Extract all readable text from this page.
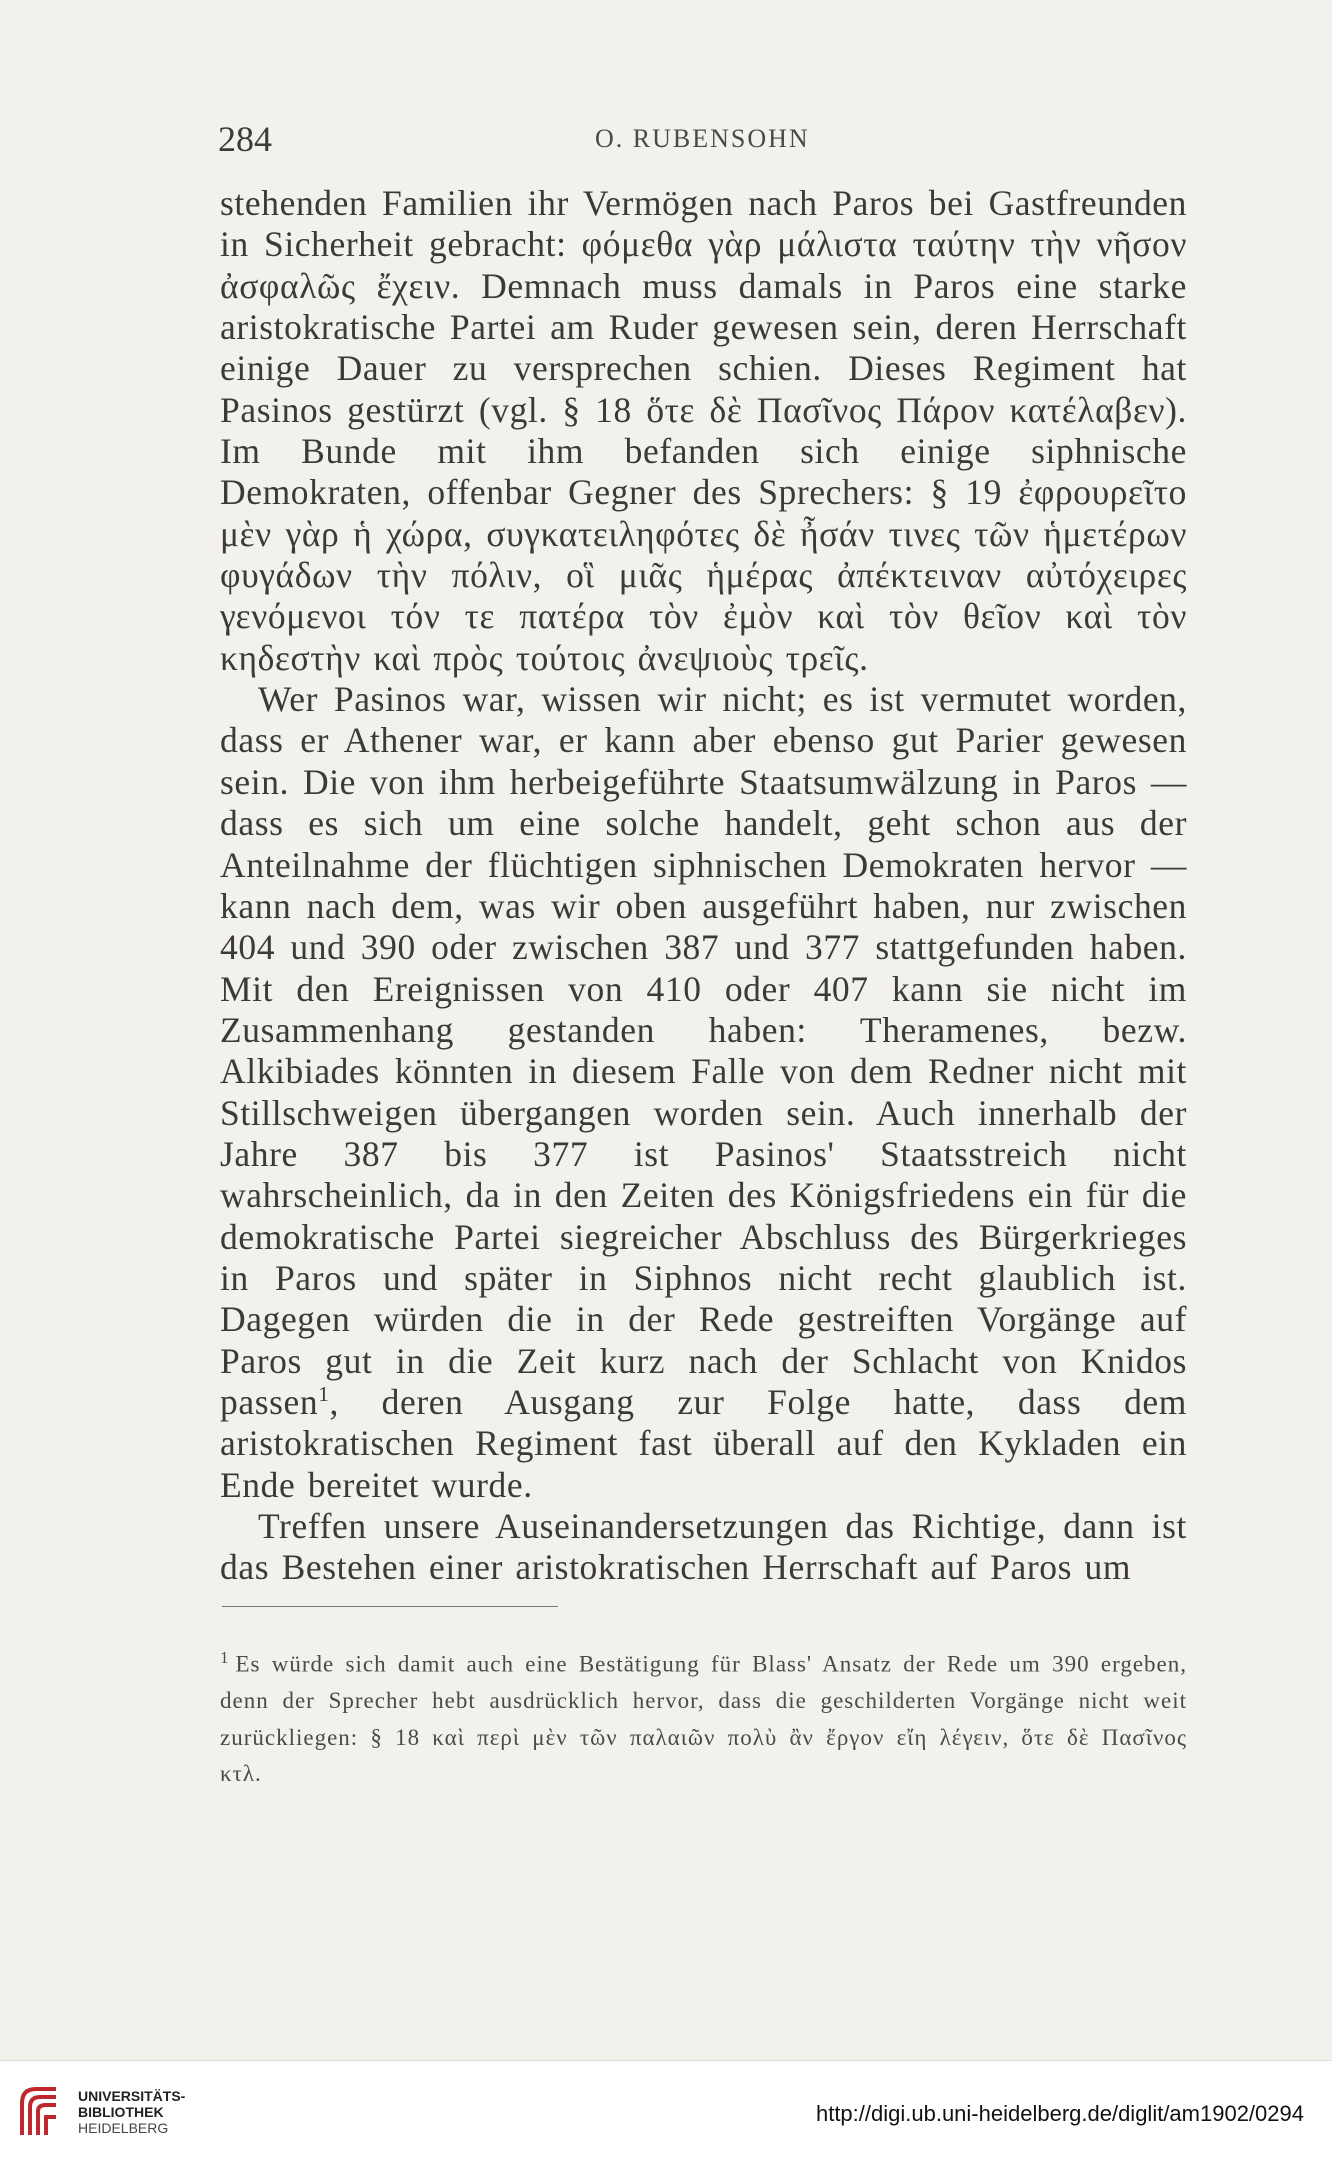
284	O. RUBENSOHN

stehenden Familien ihr Vermögen nach Paros bei Gastfreunden in Sicherheit gebracht: φόμεθα γὰρ μάλιστα ταύτην τὴν νῆσον ἀσφαλῶς ἔχειν. Demnach muss damals in Paros eine starke aristokratische Partei am Ruder gewesen sein, deren Herrschaft einige Dauer zu versprechen schien. Dieses Regiment hat Pasinos gestürzt (vgl. § 18 ὅτε δὲ Πασῖνος Πάρον κατέλαβεν). Im Bunde mit ihm befanden sich einige siphnische Demokraten, offenbar Gegner des Sprechers: § 19 ἐφρουρεῖτο μὲν γὰρ ἡ χώρα, συγκατειληφότες δὲ ἦσάν τινες τῶν ἡμετέρων φυγάδων τὴν πόλιν, οἳ μιᾶς ἡμέρας ἀπέκτειναν αὐτόχειρες γενόμενοι τόν τε πατέρα τὸν ἐμὸν καὶ τὸν θεῖον καὶ τὸν κηδεστὴν καὶ πρὸς τούτοις ἀνεψιοὺς τρεῖς.

Wer Pasinos war, wissen wir nicht; es ist vermutet worden, dass er Athener war, er kann aber ebenso gut Parier gewesen sein. Die von ihm herbeigeführte Staatsumwälzung in Paros — dass es sich um eine solche handelt, geht schon aus der Anteilnahme der flüchtigen siphnischen Demokraten hervor — kann nach dem, was wir oben ausgeführt haben, nur zwischen 404 und 390 oder zwischen 387 und 377 stattgefunden haben. Mit den Ereignissen von 410 oder 407 kann sie nicht im Zusammenhang gestanden haben: Theramenes, bezw. Alkibiades könnten in diesem Falle von dem Redner nicht mit Stillschweigen übergangen worden sein. Auch innerhalb der Jahre 387 bis 377 ist Pasinos' Staatsstreich nicht wahrscheinlich, da in den Zeiten des Königsfriedens ein für die demokratische Partei siegreicher Abschluss des Bürgerkrieges in Paros und später in Siphnos nicht recht glaublich ist. Dagegen würden die in der Rede gestreiften Vorgänge auf Paros gut in die Zeit kurz nach der Schlacht von Knidos passen$^1$, deren Ausgang zur Folge hatte, dass dem aristokratischen Regiment fast überall auf den Kykladen ein Ende bereitet wurde.

Treffen unsere Auseinandersetzungen das Richtige, dann ist das Bestehen einer aristokratischen Herrschaft auf Paros um

$^1$ Es würde sich damit auch eine Bestätigung für Blass' Ansatz der Rede um 390 ergeben, denn der Sprecher hebt ausdrücklich hervor, dass die geschilderten Vorgänge nicht weit zurückliegen: § 18 καὶ περὶ μὲν τῶν παλαιῶν πολὺ ἂν ἔργον εἴη λέγειν, ὅτε δὲ Πασῖνος κτλ.
UNIVERSITÄTS-
BIBLIOTHEK
HEIDELBERG
http://digi.ub.uni-heidelberg.de/diglit/am1902/0294
